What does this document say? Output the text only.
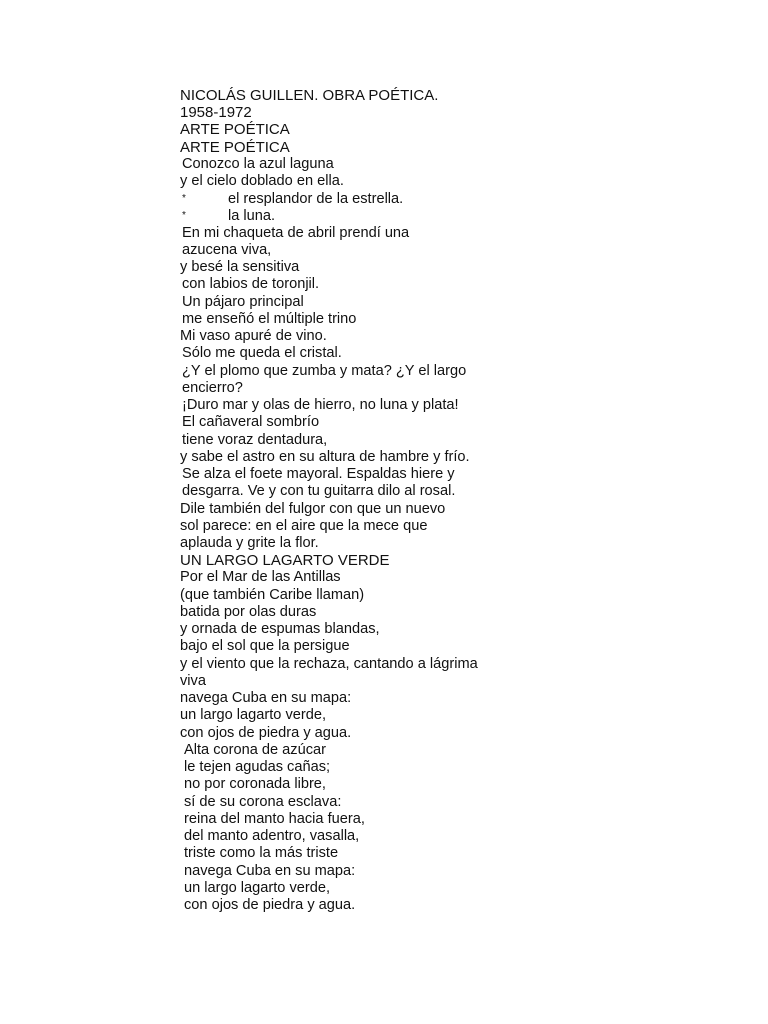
NICOLÁS GUILLEN. OBRA POÉTICA.
1958-1972
ARTE POÉTICA
ARTE POÉTICA
Conozco la azul laguna
y el cielo doblado en ella.
*	el resplandor de la estrella.
*	la luna.
En mi chaqueta de abril prendí una
azucena viva,
y besé la sensitiva
con labios de toronjil.
Un pájaro principal
me enseñó el múltiple trino
Mi vaso apuré de vino.
Sólo me queda el cristal.
¿Y el plomo que zumba y mata? ¿Y el largo
encierro?
¡Duro mar y olas de hierro, no luna y plata!
El cañaveral sombrío
tiene voraz dentadura,
y sabe el astro en su altura de hambre y frío.
Se alza el foete mayoral. Espaldas hiere y
desgarra. Ve y con tu guitarra dilo al rosal.
Dile también del fulgor con que un nuevo
sol parece: en el aire que la mece que
aplauda y grite la flor.
UN LARGO LAGARTO VERDE
Por el Mar de las Antillas
(que también Caribe llaman)
batida por olas duras
y ornada de espumas blandas,
bajo el sol que la persigue
y el viento que la rechaza, cantando a lágrima
viva
navega Cuba en su mapa:
un largo lagarto verde,
con ojos de piedra y agua.
Alta corona de azúcar
le tejen agudas cañas;
no por coronada libre,
sí de su corona esclava:
reina del manto hacia fuera,
del manto adentro, vasalla,
triste como la más triste
navega Cuba en su mapa:
un largo lagarto verde,
con ojos de piedra y agua.
